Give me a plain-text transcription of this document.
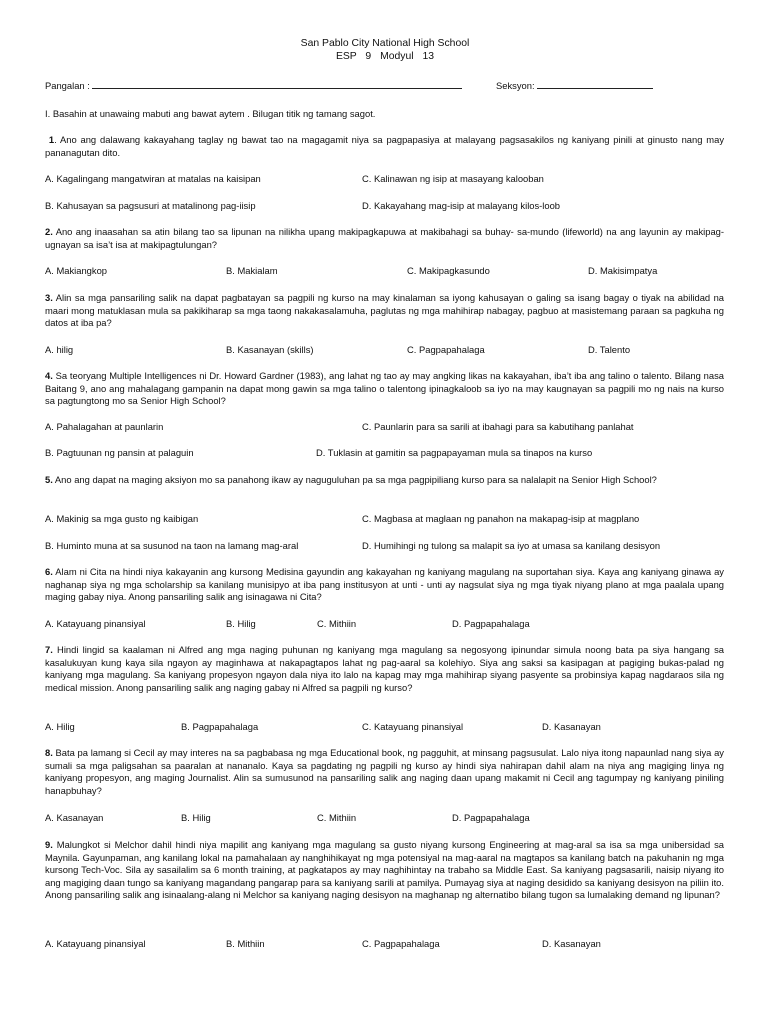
San Pablo City National High School
ESP 9 Modyul 13
Pangalan :	Seksyon:
I. Basahin at unawaing mabuti ang bawat aytem . Bilugan titik ng tamang sagot.
1. Ano ang dalawang kakayahang taglay ng bawat tao na magagamit niya sa pagpapasiya at malayang pagsasakilos ng kaniyang pinili at ginusto nang may pananagutan dito.
A. Kagalingang mangatwiran at matalas na kaisipan	C. Kalinawan ng isip at masayang kalooban
B. Kahusayan sa pagsusuri at matalinong pag-iisip	D. Kakayahang mag-isip at malayang kilos-loob
2. Ano ang inaasahan sa atin bilang tao sa lipunan na nilikha upang makipagkapuwa at makibahagi sa buhay- sa-mundo (lifeworld) na ang layunin ay makipag-ugnayan sa isa’t isa at makipagtulungan?
A. Makiangkop	B. Makialam	C. Makipagkasundo	D. Makisimpatya
3. Alin sa mga pansariling salik na dapat pagbatayan sa pagpili ng kurso na may kinalaman sa iyong kahusayan o galing sa isang bagay o tiyak na abilidad na maari mong matuklasan mula sa pakikiharap sa mga taong nakakasalamuha, paglutas ng mga mahihirap nabagay, pagbuo at masistemang paraan sa pagkuha ng datos at iba pa?
A. hilig	B. Kasanayan (skills)	C. Pagpapahalaga	D. Talento
4. Sa teoryang Multiple Intelligences ni Dr. Howard Gardner (1983), ang lahat ng tao ay may angking likas na kakayahan, iba’t iba ang talino o talento. Bilang nasa Baitang 9, ano ang mahalagang gampanin na dapat mong gawin sa mga talino o talentong ipinagkaloob sa iyo na may kaugnayan sa pagpili mo ng nais na kurso sa pagtungtong mo sa Senior High School?
A. Pahalagahan at paunlarin	C. Paunlarin para sa sarili at ibahagi para sa kabutihang panlahat
B. Pagtuunan ng pansin at palaguin	D. Tuklasin at gamitin sa pagpapayaman mula sa tinapos na kurso
5. Ano ang dapat na maging aksiyon mo sa panahong ikaw ay naguguluhan pa sa mga pagpipiliang kurso para sa nalalapit na Senior High School?
A. Makinig sa mga gusto ng kaibigan	C. Magbasa at maglaan ng panahon na makapag-isip at magplano
B. Huminto muna at sa susunod na taon na lamang mag-aral	D. Humihingi ng tulong sa malapit sa iyo at umasa sa kanilang desisyon
6. Alam ni Cita na hindi niya kakayanin ang kursong Medisina gayundin ang kakayahan ng kaniyang magulang na suportahan siya. Kaya ang kaniyang ginawa ay naghanap siya ng mga scholarship sa kanilang munisipyo at iba pang institusyon at unti - unti ay nagsulat siya ng mga tiyak niyang plano at mga paalala upang maging gabay niya. Anong pansariling salik ang isinagawa ni Cita?
A. Katayuang pinansiyal	B. Hilig	C. Mithiin	D. Pagpapahalaga
7. Hindi lingid sa kaalaman ni Alfred ang mga naging puhunan ng kaniyang mga magulang sa negosyong ipinundar simula noong bata pa siya hangang sa kasalukuyan kung kaya sila ngayon ay maginhawa at nakapagtapos lahat ng pag-aaral sa kolehiyo. Siya ang saksi sa kasipagan at pagiging bukas-palad ng kaniyang mga magulang. Sa kaniyang propesyon ngayon dala niya ito lalo na kapag may mga mahihirap siyang pasyente sa probinsiya kapag nagdaraos sila ng medical mission. Anong pansariling salik ang naging gabay ni Alfred sa pagpili ng kurso?
A. Hilig	B. Pagpapahalaga	C. Katayuang pinansiyal	D. Kasanayan
8. Bata pa lamang si Cecil ay may interes na sa pagbabasa ng mga Educational book, ng pagguhit, at minsang pagsusulat. Lalo niya itong napaunlad nang siya ay sumali sa mga paligsahan sa paaralan at nananalo. Kaya sa pagdating ng pagpili ng kurso ay hindi siya nahirapan dahil alam na niya ang magiging linya ng kaniyang propesyon, ang maging Journalist. Alin sa sumusunod na pansariling salik ang naging daan upang makamit ni Cecil ang tagumpay ng kaniyang piniling hanapbuhay?
A. Kasanayan	B. Hilig	C. Mithiin	D. Pagpapahalaga
9. Malungkot si Melchor dahil hindi niya mapilit ang kaniyang mga magulang sa gusto niyang kursong Engineering at mag-aral sa isa sa mga unibersidad sa Maynila. Gayunpaman, ang kanilang lokal na pamahalaan ay nanghihikayat ng mga potensiyal na mag-aaral na magtapos sa kanilang batch na pakuhanin ng mga kursong Tech-Voc. Sila ay sasailalim sa 6 month training, at pagkatapos ay may naghihintay na trabaho sa Middle East. Sa kaniyang pagsasarili, naisip niyang ito ang magiging daan tungo sa kaniyang magandang pangarap para sa kaniyang sarili at pamilya. Pumayag siya at naging desidido sa kaniyang desisyon na piliin ito. Anong pansariling salik ang isinaalang-alang ni Melchor sa kaniyang naging desisyon na maghanap ng alternatibo bilang tugon sa lumalaking demand ng lipunan?
A. Katayuang pinansiyal	B. Mithiin	C. Pagpapahalaga	D. Kasanayan
